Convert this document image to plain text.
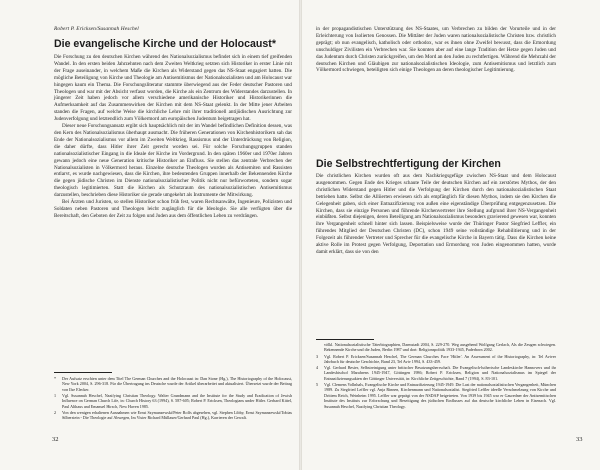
Robert P. Ericksen/Susannah Heschel
Die evangelische Kirche und der Holocaust*

Die Forschung zu den deutschen Kirchen während des Nationalsozialismus befindet sich in einem tief greifenden Wandel. In den ersten beiden Jahrzehnten nach dem Zweiten Weltkrieg setzten sich Historiker in erster Linie mit der Frage auseinander, in welchem Maße die Kirchen als Widerstand gegen das NS-Staat engagiert hatten. Die mögliche Beteiligung von Kirche und Theologie am Antisemitismus der Nationalsozialisten und am Holocaust war hingegen kaum ein Thema. Die Forschungsliteratur stammte überwiegend aus der Feder deutscher Pastoren und Theologen und war mit der Absicht verfasst worden, die Kirche als ein Zentrum des Widerstandes darzustellen. In jüngerer Zeit haben jedoch vor allem verschiedene amerikanische Historiker und Historikerinnen die Aufmerksamkeit auf das Zusammenwirken der Kirchen mit dem NS-Staat gelenkt. In der Mitte jener Arbeiten standen die Fragen, auf welche Weise die kirchliche Lehre mit ihrer traditionell antijüdischen Ausrichtung zur Judenverfolgung und letztendlich zum Völkermord am europäischen Judentum beigetragen hat.

Dieser neue Forschungsansatz ergibt sich hauptsächlich mit der im Wandel befindlichen Definition dessen, was den Kern des Nationalsozialismus überhaupt ausmacht. Die früheren Generationen von Kirchenhistorikern sah das Ende der Nationalsozialismus vor allem im Zweiten Weltkrieg, Rassismus und der Unterdrückung von Religion, die daher dürfte, dass Hitler ihrer Zeit gerecht worden sei. Für solche Forschungsgruppen standen nationalsozialistischer Eingang in die Ideale der Kirche im Vordergrund. In den späten 1960er und 1970er Jahren gewann jedoch eine neue Generation kritische Historiker an Einfluss. Sie stellen das zentrale Verbrechen der Nationalsozialisten in Völkermord heraus. Einzelne deutsche Theologen wurden als Antisemiten und Rassisten entlarvt, es wurde nachgewiesen, dass die Kirchen, ihre bedeutenden Gruppen innerhalb der Bekennenden Kirche die gegen jüdische Christen im Dienste nationalsozialistischer Politik nicht nur befürworteten, sondern sogar theologisch legitimierten. Statt die Kirchen als Schutzraum des nationalsozialistischen Antisemitismus darzustellen, beschrieben diese Historiker sie gerade umgekehrt als Instrumente der Mitwirkung.

Bei Ärzten und Juristen, so stellen Historiker schon früh fest, waren Rechtsanwälte, Ingenieure, Polizisten und Soldaten neben Pastoren und Theologen leicht zugänglich für die Ideologie. Sie alle verfügten über die Bereitschaft, den Geboten der Zeit zu folgen und Juden aus dem öffentlichen Leben zu verdrängen.

* Der Aufsatz erschien unter dem Titel The German Churches and the Holocaust in: Dan Stone (Hg.), The Historiography of the Holocaust, New York 2004, S. 296-318. Für die Übertragung ins Deutsche wurde der Artikel überarbeitet und aktualisiert. Übersetzt wurde der Beitrag von Ilse Elecker.
1 Vgl. Susannah Heschel, Nazifying Christian Theology. Walter Grundmann and the Institute for the Study and Eradication of Jewish Influence on German Church Life, in: Church History 63 (1994), S. 587-605; Robert P. Ericksen, Theologians under Hitler. Gerhard Kittel, Paul Althaus and Emanuel Hirsch, New Haven 1985.
2 Von den wenigen erhaltenen Ausnahmen wie Ernst Szymanzewski/Peter Rolfs abgesehen, vgl. Stephen Libby, Ernst Szymanzewski/Tobias Silberstein - Die Theologie auf Abwegen, Im Visier Richard Müllauer/Gerhard Paul (Hg.), Karrieren der Gewalt.
32

in der propagandistischen Unterstützung des NS-Staates, um Verbrechen zu bilden der Vorurteile und in der Erleichterung von Isolierten Genossen. Die Mittäter der Juden waren nationalsozialistische Christen bzw. christlich geprägt; ob nun evangelisch, katholisch oder orthodox, war es ihnen ohne Zweifel bewusst, dass die Ermordung unschuldiger Zivilisten ein Verbrechen war. Sie konnten aber auf eine lange Tradition der Hetze gegen Juden und das Judentum durch Christen zurückgreifen, um den Mord an den Juden zu rechtfertigen. Während die Mehrzahl der deutschen Kirchen und Gläubigen zur nationalsozialistischen Ideologie, zum Antisemitismus und letztlich zum Völkermord schwiegen, beteiligten sich einige Theologen an deren theologischer Legitimierung.

Die Selbstrechtfertigung der Kirchen

Die christlichen Kirchen wurden oft aus dem Nachkriegsgefüge zwischen NS-Staat und dem Holocaust ausgenommen. Gegen Ende des Krieges schaute Teile der deutschen Kirchen auf ein zerstörtes Mythos, der den christlichen Widerstand gegen Hitler und die Verfolgung der Kirchen durch den nationalsozialistischen Staat betrieben hatte. Selbst die Alliierten erwiesen sich als empfänglich für diesen Mythos, indem sie den Kirchen die Gelegenheit gaben, sich einer Entnazifizierung von außen eine eigenständige Überprüfung entgegenzusetzen. Die Kirchen, dass sie einzige Personen und führende Kirchenvertreter ihre Stellung aufgrund ihrer NS-Vergangenheit einbüßten. Selbst diejenigen, deren Beteiligung am Nationalsozialismus besonders gravierend gewesen war, konnten ihre Vergangenheit schnell hinter sich lassen. Beispielsweise wurde der Thüringer Pastor Siegfried Leffler, ein führendes Mitglied der Deutschen Christen (DC), schon 1949 seine vollständige Rehabilitierung und in der Folgezeit als führender Vertreter und Sprecher für die evangelische Kirche in Bayern tätig. Dass die Kirchen keine aktive Rolle im Protest gegen Verfolgung, Deportation und Ermordung von Juden eingenommen hatten, wurde damit erklärt, dass sie von den

völkl. Nationalsozialistische Täterbiographien, Darmstadt 2004, S. 229-270. Weg ausgehend Wolfgang Gerlach, Als die Zeugen schwiegen. Bekennende Kirche und die Juden, Berlin 1987 und dort: Religionspolitik 1933-1945, Paderborn 2002.
3 Vgl. Robert P. Ericksen/Susannah Heschel, The German Churches Face 'Hitler'. An Assessment of the Historiography, in: Tel Aviver Jahrbuch für deutsche Geschichte, Band 23, Tel Aviv 1994, S. 433-459.
4 Vgl. Gerhard Besier, Selbstreinigung unter britischer Besatzungsherrschaft. Die Evangelisch-lutherische Landeskirche Hannovers und ihr Landesbischof Marahrens 1945-1947, Göttingen 1986; Robert P. Ericksen, Religion und Nationalsozialismus im Spiegel der Entnazifizierungsakten der Göttinger Universität, in: Kirchliche Zeitgeschichte, Band 7 (1994), S. 83-101.
5 Vgl. Clemens Vollnhals, Evangelische Kirche und Entnazifizierung 1945-1949. Die Last der nationalsozialistischen Vergangenheit, München 1989. Zu Siegfried Leffler vgl. Anja Rinnen, Kirchenmann und Nationalsozialist. Siegfried Leffler ideelle Verschmelzung von Kirche und Drittem Reich, Weinheim 1995. Leffler war geprägt von der NSDAP beigetreten. Von 1939 bis 1945 war er Gauredner der Antisemitischen Institute des Instituts zur Erforschung und Beseitigung des jüdischen Einflusses auf das deutsche kirchliche Leben in Eisenach. Vgl. Susannah Heschel, Nazifying Christian Theology.
33
